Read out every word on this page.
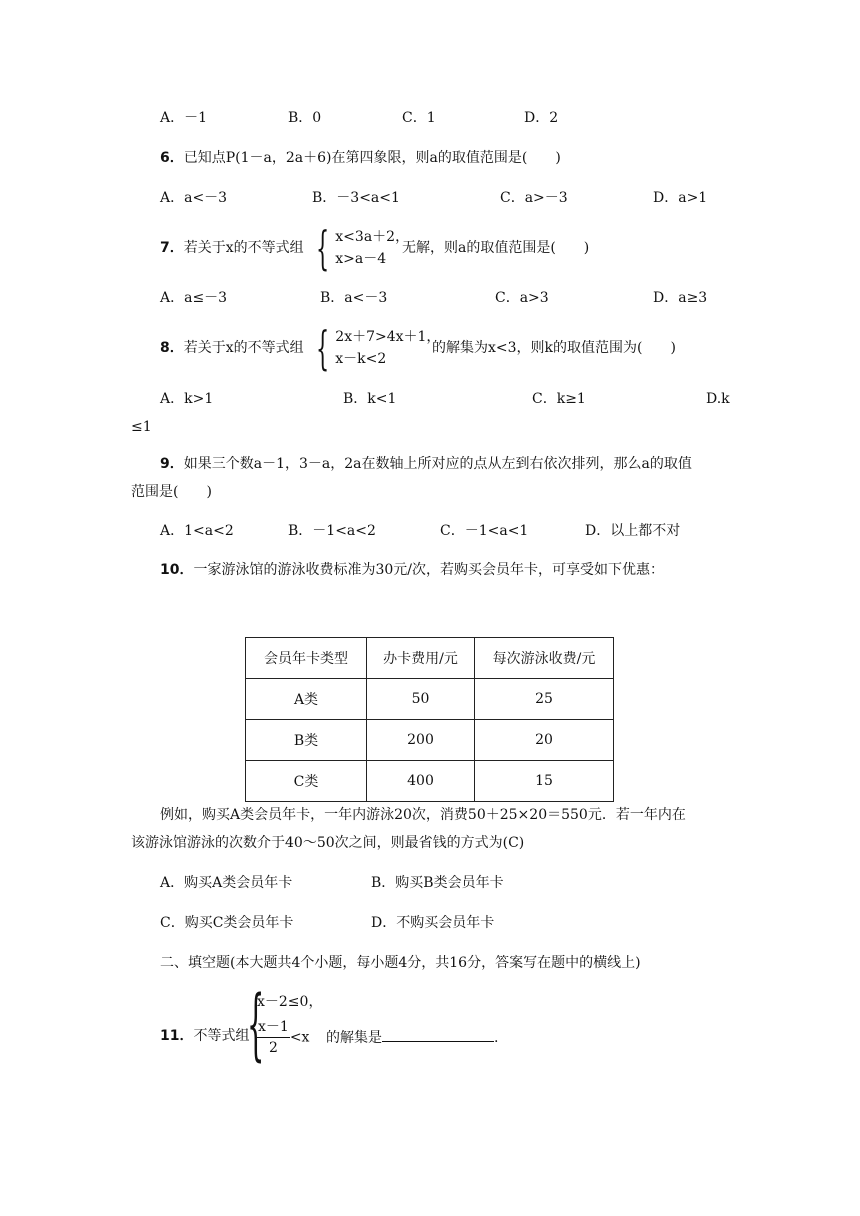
A．－1	B．0	C．1	D．2
6．已知点P(1－a，2a＋6)在第四象限，则a的取值范围是(　　)
A．a<－3	B．－3<a<1	C．a>－3	D．a>1
7．若关于x的不等式组 { x<3a＋2，
x>a－4
无解，则a的取值范围是(　　)
A．a≤－3	B．a<－3	C．a>3	D．a≥3
8．若关于x的不等式组 { 2x＋7>4x＋1，
x－k<2
的解集为x<3，则k的取值范围为(　　)
A．k>1	B．k<1	C．k≥1	D.k
≤1
9．如果三个数a－1，3－a，2a在数轴上所对应的点从左到右依次排列，那么a的取值
范围是(　　)
A．1<a<2	B．－1<a<2	C．－1<a<1	D．以上都不对
10．一家游泳馆的游泳收费标准为30元/次，若购买会员年卡，可享受如下优惠：
会员年卡类型	办卡费用/元	每次游泳收费/元
A类	50	25
B类	200	20
C类	400	15
例如，购买A类会员年卡，一年内游泳20次，消费50＋25×20＝550元．若一年内在
该游泳馆游泳的次数介于40～50次之间，则最省钱的方式为(C)
A．购买A类会员年卡	B．购买B类会员年卡
C．购买C类会员年卡	D．不购买会员年卡
二、填空题(本大题共4个小题，每小题4分，共16分，答案写在题中的横线上)
11．不等式组
{
x－2≤0，
$\frac{x-1}{2} <x$ 的解集是	.
